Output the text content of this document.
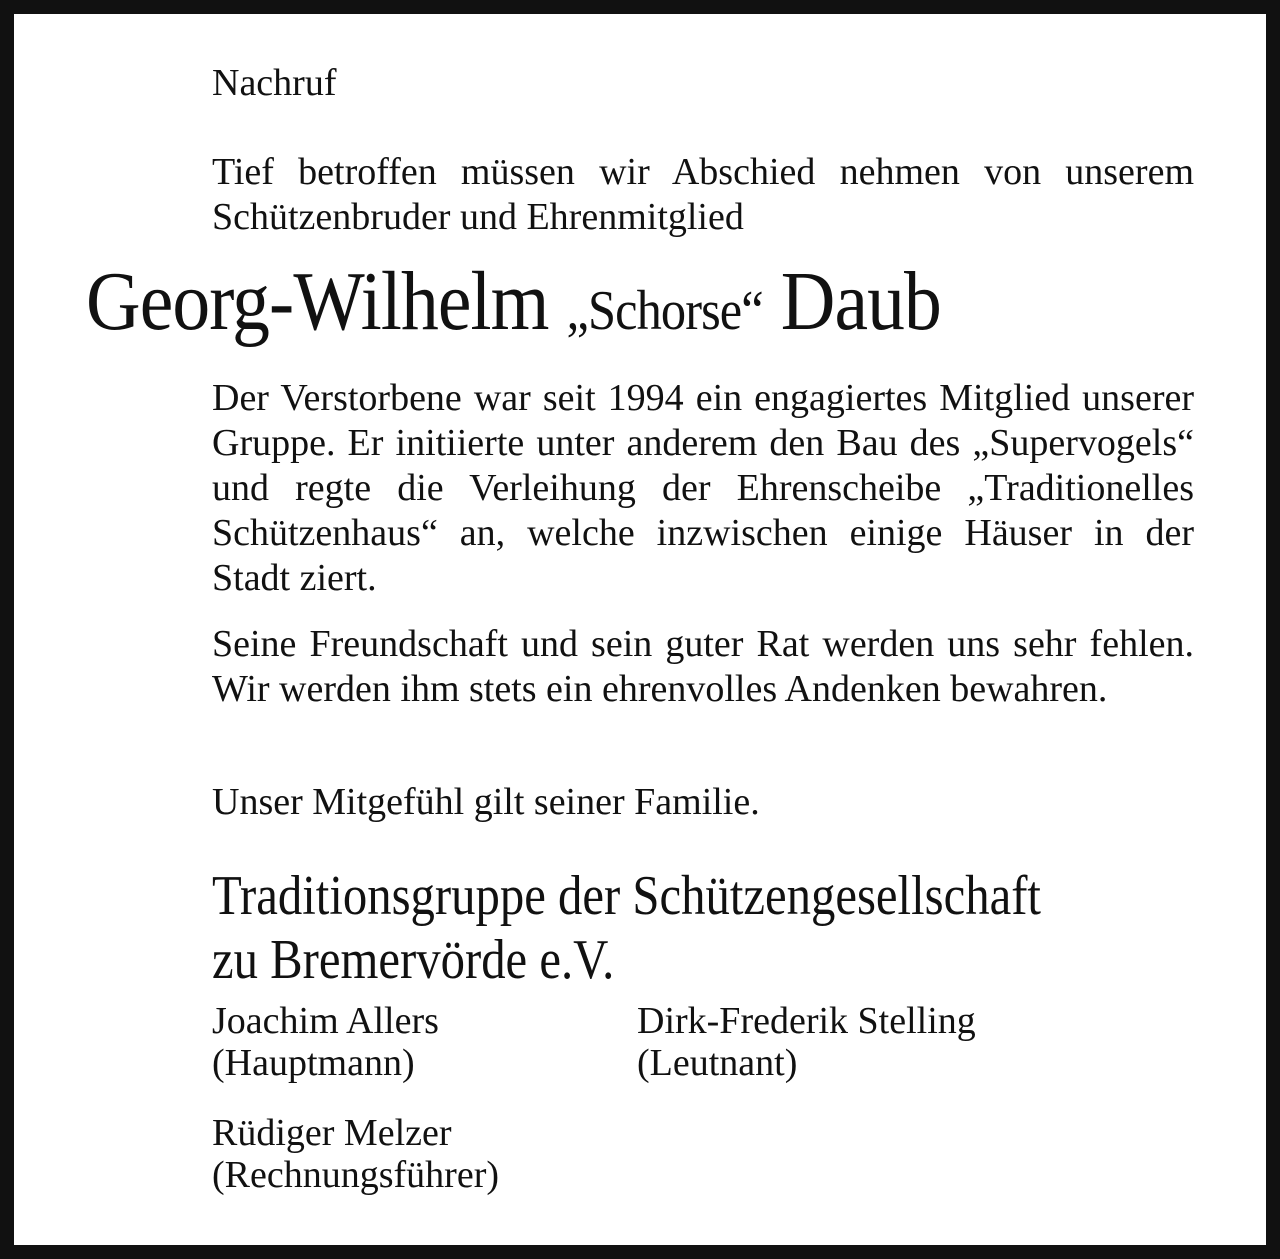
Nachruf

Tief betroffen müssen wir Abschied nehmen von unserem Schützenbruder und Ehrenmitglied

Georg-Wilhelm „Schorse“ Daub

Der Verstorbene war seit 1994 ein engagiertes Mitglied unserer Gruppe. Er initiierte unter anderem den Bau des „Supervogels“ und regte die Verleihung der Ehrenscheibe „Traditionelles Schützenhaus“ an, welche inzwischen einige Häuser in der Stadt ziert.

Seine Freundschaft und sein guter Rat werden uns sehr fehlen. Wir werden ihm stets ein ehrenvolles Andenken bewahren.

Unser Mitgefühl gilt seiner Familie.

Traditionsgruppe der Schützengesellschaft
zu Bremervörde e.V.
Joachim Allers
(Hauptmann)
Dirk-Frederik Stelling
(Leutnant)
Rüdiger Melzer
(Rechnungsführer)
